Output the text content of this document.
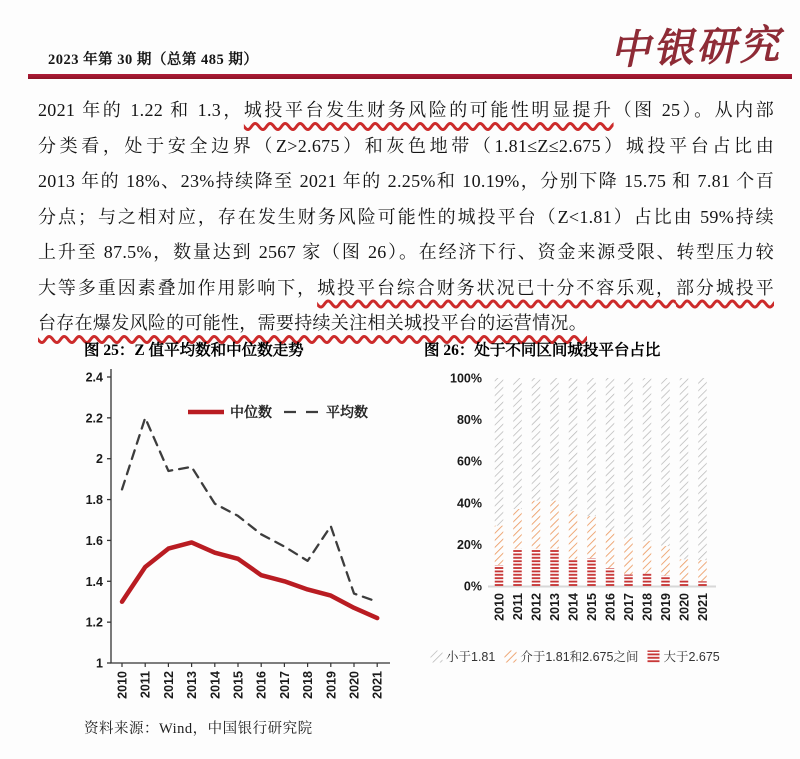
2023 年第 30 期（总第 485 期）	中银研究
2021 年的 1.22 和 1.3，城投平台发生财务风险的可能性明显提升（图 25）。从内部
分类看，处于安全边界（Z>2.675）和灰色地带（1.81≤Z≤2.675）城投平台占比由
2013 年的 18%、23%持续降至 2021 年的 2.25%和 10.19%，分别下降 15.75 和 7.81 个百
分点；与之相对应，存在发生财务风险可能性的城投平台（Z<1.81）占比由 59%持续
上升至 87.5%，数量达到 2567 家（图 26）。在经济下行、资金来源受限、转型压力较
大等多重因素叠加作用影响下，城投平台综合财务状况已十分不容乐观，部分城投平
台存在爆发风险的可能性，需要持续关注相关城投平台的运营情况。
图 25：Z 值平均数和中位数走势
1
1.2
1.4
1.6
1.8
2
2.2
2.4
2010 2011 2012 2013 2014 2015 2016 2017 2018 2019 2020 2021
中位数	平均数
资料来源：Wind，中国银行研究院
图 26：处于不同区间城投平台占比
0%
20%
40%
60%
80%
100%
2010 2011 2012 2013 2014 2015 2016 2017 2018 2019 2020 2021
小于1.81 介于1.81和2.675之间 大于2.675
